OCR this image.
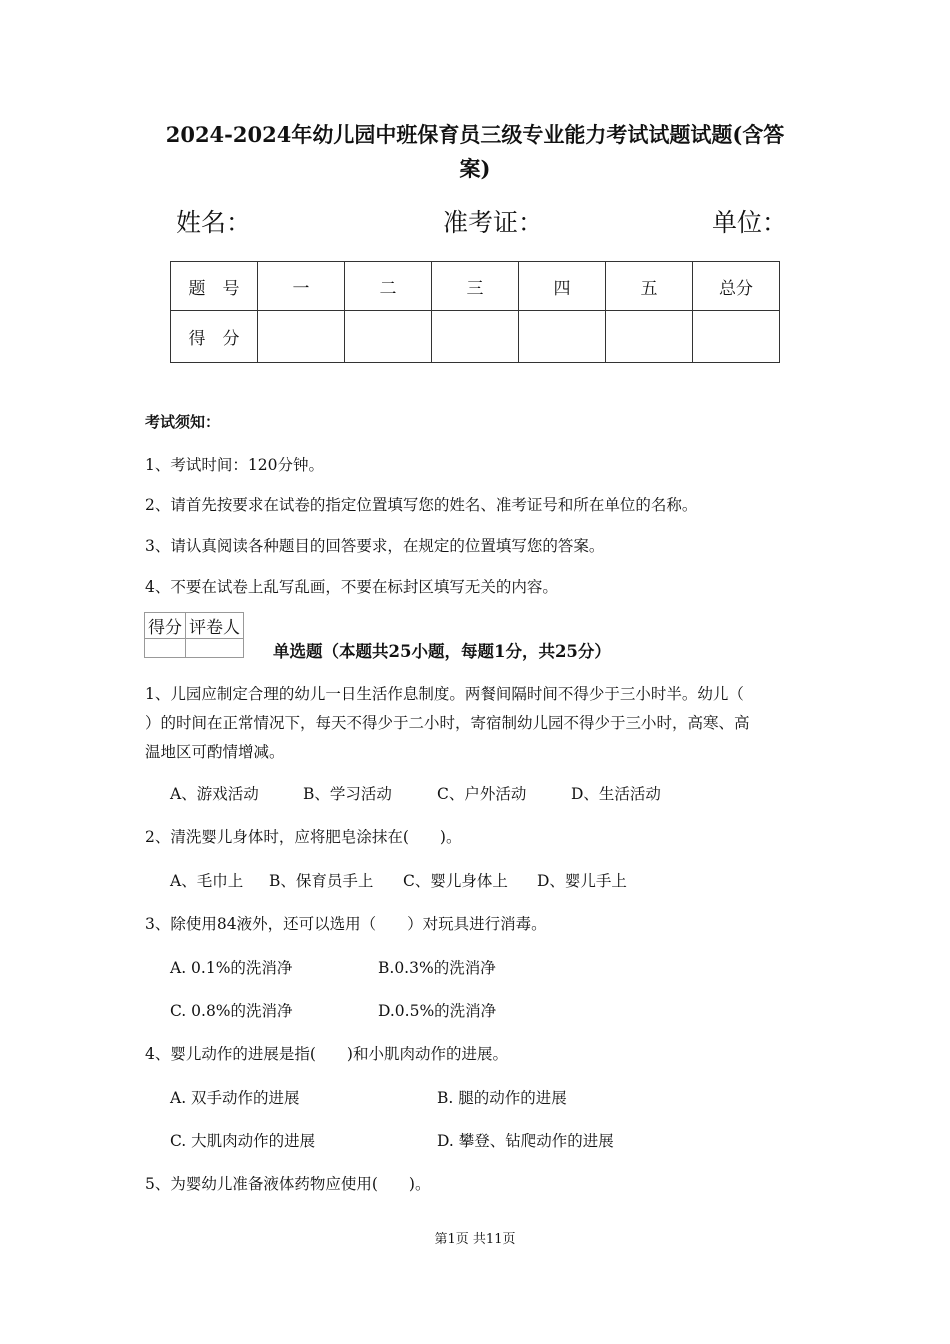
2024-2024年幼儿园中班保育员三级专业能力考试试题试题(含答
案)
姓名：	准考证：	单位：
题　号	一	二	三	四	五	总分
得　分						
考试须知：
1、考试时间：120分钟。
2、请首先按要求在试卷的指定位置填写您的姓名、准考证号和所在单位的名称。
3、请认真阅读各种题目的回答要求，在规定的位置填写您的答案。
4、不要在试卷上乱写乱画，不要在标封区填写无关的内容。
得分	评卷人

单选题（本题共25小题，每题1分，共25分）
1、儿园应制定合理的幼儿一日生活作息制度。两餐间隔时间不得少于三小时半。幼儿（
）的时间在正常情况下，每天不得少于二小时，寄宿制幼儿园不得少于三小时，高寒、高
温地区可酌情增减。
A、游戏活动	B、学习活动	C、户外活动	D、生活活动
2、清洗婴儿身体时，应将肥皂涂抹在(　　)。
A、毛巾上 B、保育员手上 C、婴儿身体上 D、婴儿手上
3、除使用84液外，还可以选用（　　）对玩具进行消毒。
A. 0.1%的洗消净	B.0.3%的洗消净
C. 0.8%的洗消净	D.0.5%的洗消净
4、婴儿动作的进展是指(　　)和小肌肉动作的进展。
A. 双手动作的进展	B. 腿的动作的进展
C. 大肌肉动作的进展	D. 攀登、钻爬动作的进展
5、为婴幼儿准备液体药物应使用(　　)。
第1页 共11页
